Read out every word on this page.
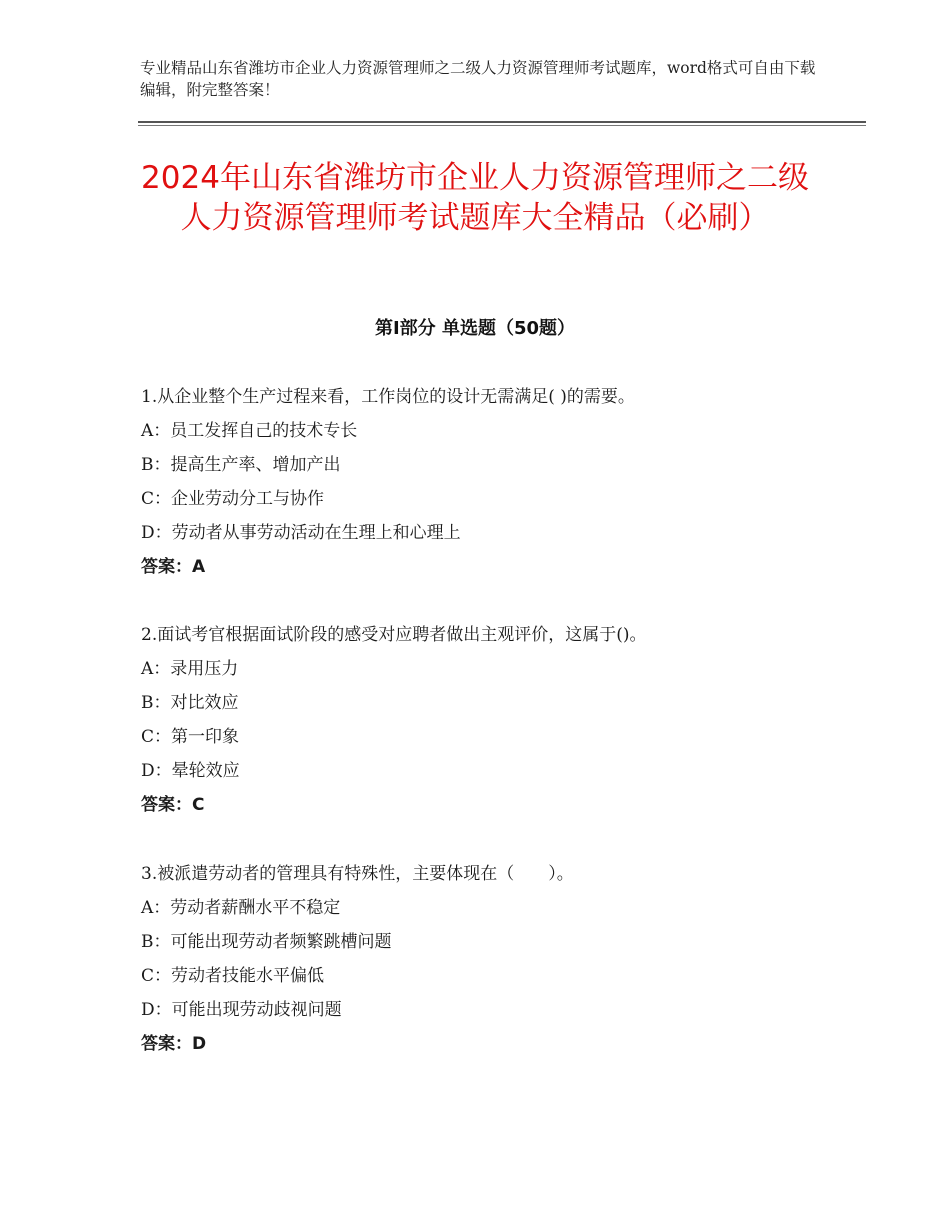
专业精品山东省潍坊市企业人力资源管理师之二级人力资源管理师考试题库，word格式可自由下载编辑，附完整答案！
2024年山东省潍坊市企业人力资源管理师之二级人力资源管理师考试题库大全精品（必刷）
第Ⅰ部分 单选题（50题）
1.从企业整个生产过程来看，工作岗位的设计无需满足( )的需要。
A：员工发挥自己的技术专长
B：提高生产率、增加产出
C：企业劳动分工与协作
D：劳动者从事劳动活动在生理上和心理上
答案：A
2.面试考官根据面试阶段的感受对应聘者做出主观评价，这属于()。
A：录用压力
B：对比效应
C：第一印象
D：晕轮效应
答案：C
3.被派遣劳动者的管理具有特殊性，主要体现在（　　）。
A：劳动者薪酬水平不稳定
B：可能出现劳动者频繁跳槽问题
C：劳动者技能水平偏低
D：可能出现劳动歧视问题
答案：D
